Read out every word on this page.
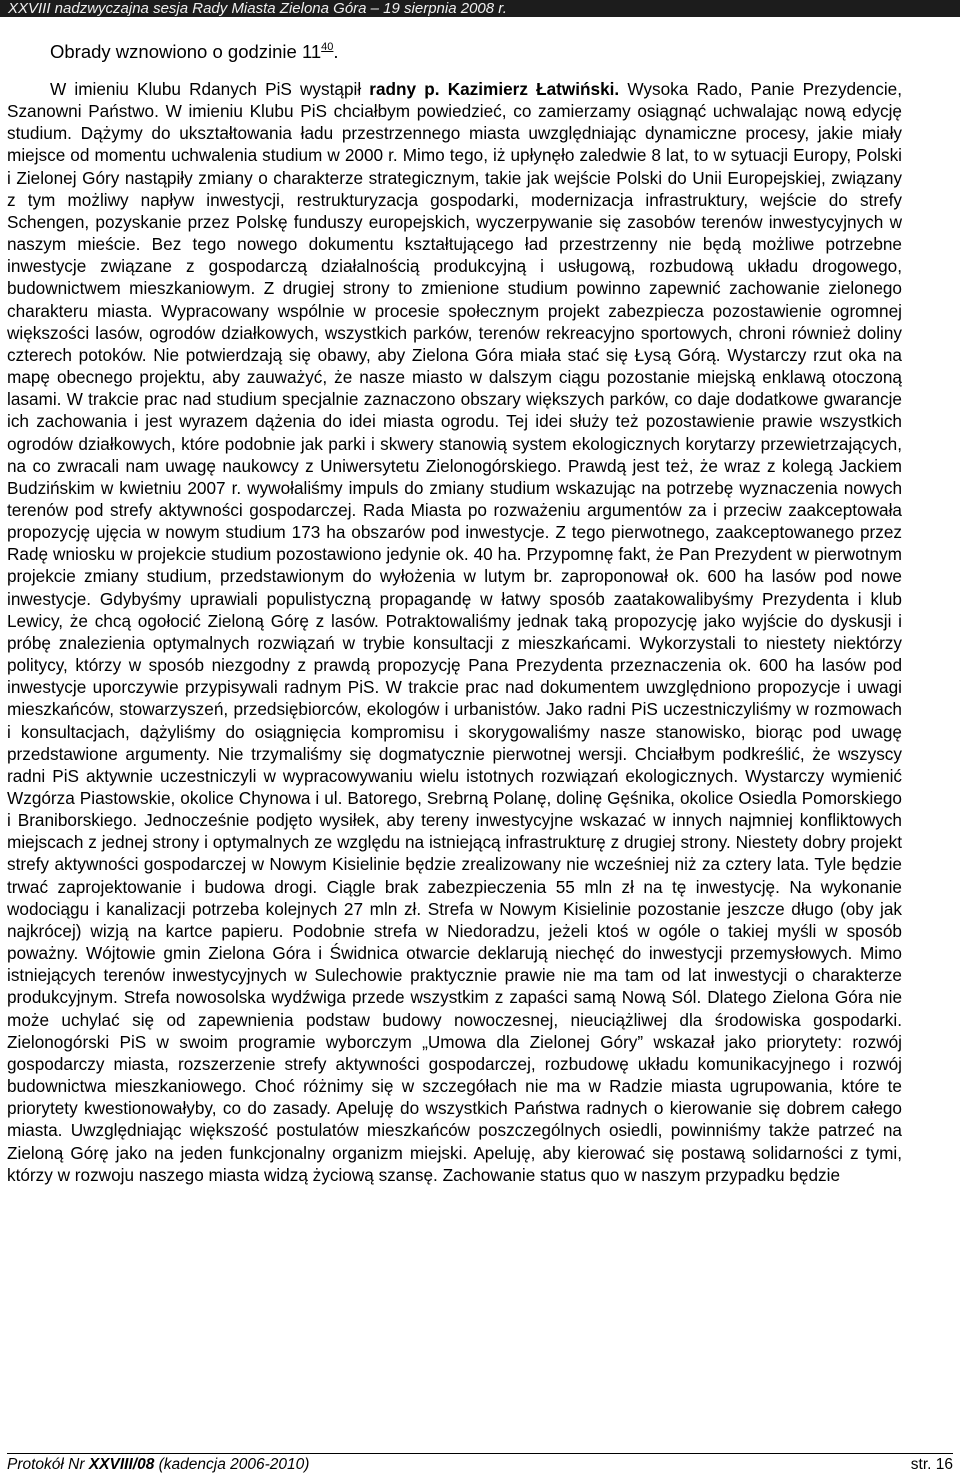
XXVIII nadzwyczajna sesja Rady Miasta Zielona Góra – 19 sierpnia 2008 r.
Obrady wznowiono o godzinie $11^{40}$.

W imieniu Klubu Rdanych PiS wystąpił radny p. Kazimierz Łatwiński. Wysoka Rado, Panie Prezydencie, Szanowni Państwo. W imieniu Klubu PiS chciałbym powiedzieć, co zamierzamy osiągnąć uchwalając nową edycję studium. Dążymy do ukształtowania ładu przestrzennego miasta uwzględniając dynamiczne procesy, jakie miały miejsce od momentu uchwalenia studium w 2000 r. Mimo tego, iż upłynęło zaledwie 8 lat, to w sytuacji Europy, Polski i Zielonej Góry nastąpiły zmiany o charakterze strategicznym, takie jak wejście Polski do Unii Europejskiej, związany z tym możliwy napływ inwestycji, restrukturyzacja gospodarki, modernizacja infrastruktury, wejście do strefy Schengen, pozyskanie przez Polskę funduszy europejskich, wyczerpywanie się zasobów terenów inwestycyjnych w naszym mieście. Bez tego nowego dokumentu kształtującego ład przestrzenny nie będą możliwe potrzebne inwestycje związane z gospodarczą działalnością produkcyjną i usługową, rozbudową układu drogowego, budownictwem mieszkaniowym. Z drugiej strony to zmienione studium powinno zapewnić zachowanie zielonego charakteru miasta. Wypracowany wspólnie w procesie społecznym projekt zabezpiecza pozostawienie ogromnej większości lasów, ogrodów działkowych, wszystkich parków, terenów rekreacyjno sportowych, chroni również doliny czterech potoków. Nie potwierdzają się obawy, aby Zielona Góra miała stać się Łysą Górą. Wystarczy rzut oka na mapę obecnego projektu, aby zauważyć, że nasze miasto w dalszym ciągu pozostanie miejską enklawą otoczoną lasami. W trakcie prac nad studium specjalnie zaznaczono obszary większych parków, co daje dodatkowe gwarancje ich zachowania i jest wyrazem dążenia do idei miasta ogrodu. Tej idei służy też pozostawienie prawie wszystkich ogrodów działkowych, które podobnie jak parki i skwery stanowią system ekologicznych korytarzy przewietrzających, na co zwracali nam uwagę naukowcy z Uniwersytetu Zielonogórskiego. Prawdą jest też, że wraz z kolegą Jackiem Budzińskim w kwietniu 2007 r. wywołaliśmy impuls do zmiany studium wskazując na potrzebę wyznaczenia nowych terenów pod strefy aktywności gospodarczej. Rada Miasta po rozważeniu argumentów za i przeciw zaakceptowała propozycję ujęcia w nowym studium 173 ha obszarów pod inwestycje. Z tego pierwotnego, zaakceptowanego przez Radę wniosku w projekcie studium pozostawiono jedynie ok. 40 ha. Przypomnę fakt, że Pan Prezydent w pierwotnym projekcie zmiany studium, przedstawionym do wyłożenia w lutym br. zaproponował ok. 600 ha lasów pod nowe inwestycje. Gdybyśmy uprawiali populistyczną propagandę w łatwy sposób zaatakowalibyśmy Prezydenta i klub Lewicy, że chcą ogołocić Zieloną Górę z lasów. Potraktowaliśmy jednak taką propozycję jako wyjście do dyskusji i próbę znalezienia optymalnych rozwiązań w trybie konsultacji z mieszkańcami. Wykorzystali to niestety niektórzy politycy, którzy w sposób niezgodny z prawdą propozycję Pana Prezydenta przeznaczenia ok. 600 ha lasów pod inwestycje uporczywie przypisywali radnym PiS. W trakcie prac nad dokumentem uwzględniono propozycje i uwagi mieszkańców, stowarzyszeń, przedsiębiorców, ekologów i urbanistów. Jako radni PiS uczestniczyliśmy w rozmowach i konsultacjach, dążyliśmy do osiągnięcia kompromisu i skorygowaliśmy nasze stanowisko, biorąc pod uwagę przedstawione argumenty. Nie trzymaliśmy się dogmatycznie pierwotnej wersji. Chciałbym podkreślić, że wszyscy radni PiS aktywnie uczestniczyli w wypracowywaniu wielu istotnych rozwiązań ekologicznych. Wystarczy wymienić Wzgórza Piastowskie, okolice Chynowa i ul. Batorego, Srebrną Polanę, dolinę Gęśnika, okolice Osiedla Pomorskiego i Braniborskiego. Jednocześnie podjęto wysiłek, aby tereny inwestycyjne wskazać w innych najmniej konfliktowych miejscach z jednej strony i optymalnych ze względu na istniejącą infrastrukturę z drugiej strony. Niestety dobry projekt strefy aktywności gospodarczej w Nowym Kisielinie będzie zrealizowany nie wcześniej niż za cztery lata. Tyle będzie trwać zaprojektowanie i budowa drogi. Ciągle brak zabezpieczenia 55 mln zł na tę inwestycję. Na wykonanie wodociągu i kanalizacji potrzeba kolejnych 27 mln zł. Strefa w Nowym Kisielinie pozostanie jeszcze długo (oby jak najkrócej) wizją na kartce papieru. Podobnie strefa w Niedoradzu, jeżeli ktoś w ogóle o takiej myśli w sposób poważny. Wójtowie gmin Zielona Góra i Świdnica otwarcie deklarują niechęć do inwestycji przemysłowych. Mimo istniejących terenów inwestycyjnych w Sulechowie praktycznie prawie nie ma tam od lat inwestycji o charakterze produkcyjnym. Strefa nowosolska wydźwiga przede wszystkim z zapaści samą Nową Sól. Dlatego Zielona Góra nie może uchylać się od zapewnienia podstaw budowy nowoczesnej, nieuciążliwej dla środowiska gospodarki. Zielonogórski PiS w swoim programie wyborczym „Umowa dla Zielonej Góry” wskazał jako priorytety: rozwój gospodarczy miasta, rozszerzenie strefy aktywności gospodarczej, rozbudowę układu komunikacyjnego i rozwój budownictwa mieszkaniowego. Choć różnimy się w szczegółach nie ma w Radzie miasta ugrupowania, które te priorytety kwestionowałyby, co do zasady. Apeluję do wszystkich Państwa radnych o kierowanie się dobrem całego miasta. Uwzględniając większość postulatów mieszkańców poszczególnych osiedli, powinniśmy także patrzeć na Zieloną Górę jako na jeden funkcjonalny organizm miejski. Apeluję, aby kierować się postawą solidarności z tymi, którzy w rozwoju naszego miasta widzą życiową szansę. Zachowanie status quo w naszym przypadku będzie

Protokół Nr XXVIII/08 (kadencja 2006-2010)	str. 16
